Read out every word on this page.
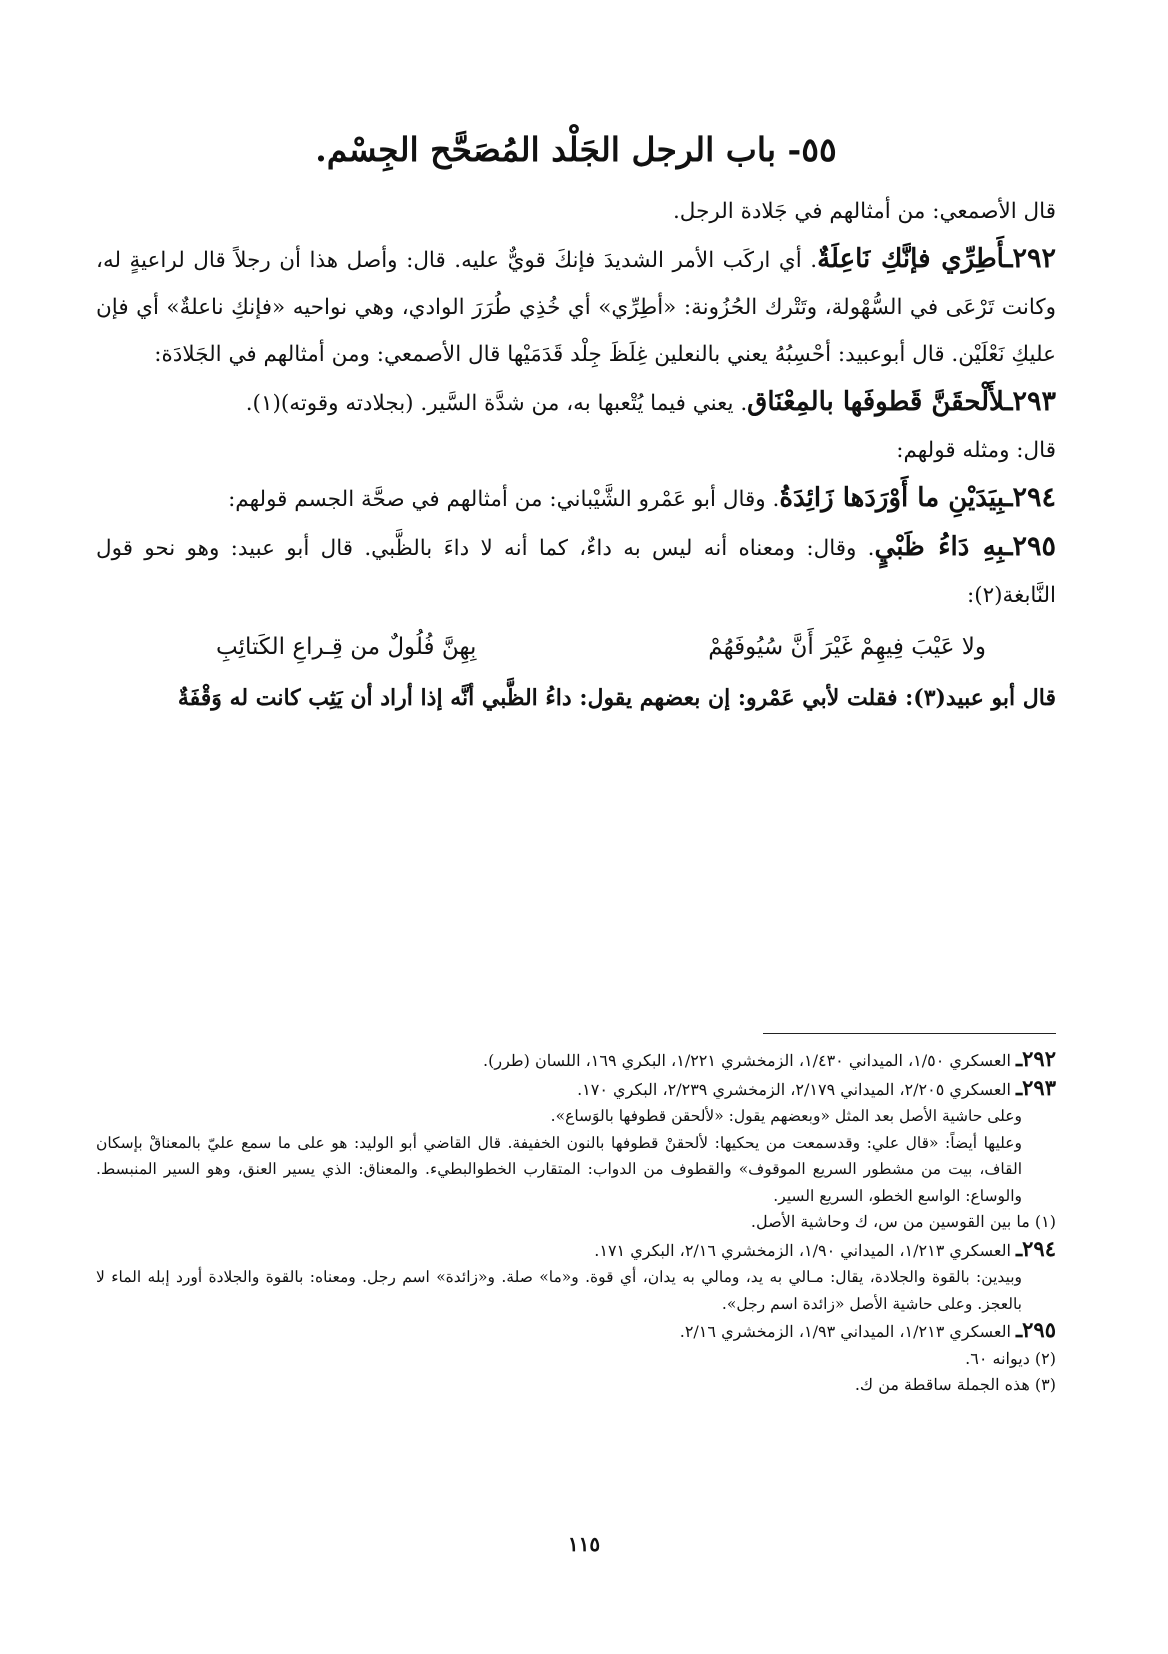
٥٥- باب الرجل الجَلْد المُصَحَّح الجِسْم.

قال الأصمعي: من أمثالهم في جَلادة الرجل.

٢٩٢ـأَطِرِّي فإنَّكِ نَاعِلَةٌ. أي اركَب الأمر الشديدَ فإنكَ قويٌّ عليه. قال: وأصل هذا أن رجلاً قال لراعيةٍ له، وكانت تَرْعَى في السُّهْولة، وتَتْرك الحُزُونة: «أطِرِّي» أي خُذِي طُرَرَ الوادي، وهي نواحيه «فإنكِ ناعلةٌ» أي فإن عليكِ نَعْلَيْن. قال أبوعبيد: أحْسِبُهُ يعني بالنعلين غِلَظَ جِلْد قَدَمَيْها قال الأصمعي: ومن أمثالهم في الجَلادَة:

٢٩٣ـلأَلْحقَنَّ قَطوفَها بالمِعْنَاق. يعني فيما يُتْعبها به، من شدَّة السَّير. (بجلادته وقوته)(١).

قال: ومثله قولهم:

٢٩٤ـبِيَدَيْنِ ما أَوْرَدَها زَائِدَةُ. وقال أبو عَمْرو الشَّيْباني: من أمثالهم في صحَّة الجسم قولهم:

٢٩٥ـبِهِ دَاءُ ظَبْيٍ. وقال: ومعناه أنه ليس به داءٌ، كما أنه لا داءَ بالظَّبي. قال أبو عبيد: وهو نحو قول النَّابغة(٢):

ولا عَيْبَ فِيهِمْ غَيْرَ أَنَّ سُيُوفَهُمْ
بِهِنَّ فُلُولٌ من قِـراعِ الكَتائِبِ

قال أبو عبيد(٣): فقلت لأبي عَمْرو: إن بعضهم يقول: داءُ الظَّبي أنَّه إذا أراد أن يَثِب كانت له وَقْفَةٌ

٢٩٢ـ العسكري ١/٥٠، الميداني ١/٤٣٠، الزمخشري ١/٢٢١، البكري ١٦٩، اللسان (طرر).

٢٩٣ـ العسكري ٢/٢٠٥، الميداني ٢/١٧٩، الزمخشري ٢/٢٣٩، البكري ١٧٠.

وعلى حاشية الأصل بعد المثل «وبعضهم يقول: «لألحقن قطوفها بالوَساع».

وعليها أيضاً: «قال علي: وقدسمعت من يحكيها: لألحقنْ قطوفها بالنون الخفيفة. قال القاضي أبو الوليد: هو على ما سمع عليّ بالمعناقْ بإسكان القاف، بيت من مشطور السريع الموقوف» والقطوف من الدواب: المتقارب الخطوالبطيء. والمعناق: الذي يسير العنق، وهو السير المنبسط. والوساع: الواسع الخطو، السريع السير.

(١) ما بين القوسين من س، ك وحاشية الأصل.

٢٩٤ـ العسكري ١/٢١٣، الميداني ١/٩٠، الزمخشري ٢/١٦، البكري ١٧١.

وبيدين: بالقوة والجلادة، يقال: مـالي به يد، ومالي به يدان، أي قوة. و«ما» صلة. و«زائدة» اسم رجل. ومعناه: بالقوة والجلادة أورد إبله الماء لا بالعجز. وعلى حاشية الأصل «زائدة اسم رجل».

٢٩٥ـ العسكري ١/٢١٣، الميداني ١/٩٣، الزمخشري ٢/١٦.

(٢) ديوانه ٦٠.

(٣) هذه الجملة ساقطة من ك.

١١٥
